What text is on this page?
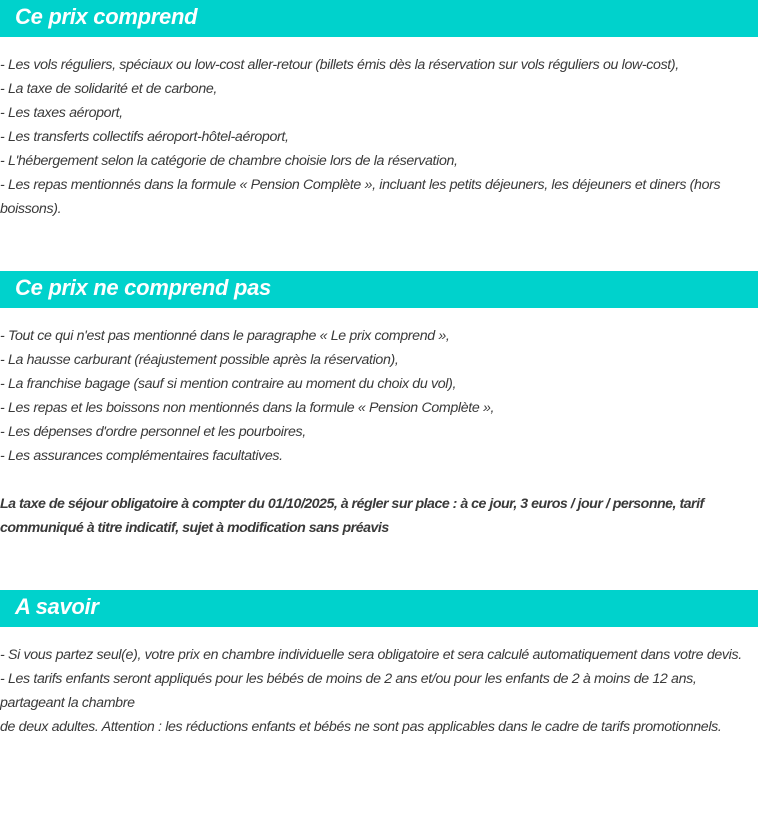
Ce prix comprend
- Les vols réguliers, spéciaux ou low-cost aller-retour (billets émis dès la réservation sur vols réguliers ou low-cost),
- La taxe de solidarité et de carbone,
- Les taxes aéroport,
- Les transferts collectifs aéroport-hôtel-aéroport,
- L'hébergement selon la catégorie de chambre choisie lors de la réservation,
- Les repas mentionnés dans la formule « Pension Complète », incluant les petits déjeuners, les déjeuners et diners (hors boissons).
Ce prix ne comprend pas
- Tout ce qui n'est pas mentionné dans le paragraphe « Le prix comprend »,
- La hausse carburant (réajustement possible après la réservation),
- La franchise bagage (sauf si mention contraire au moment du choix du vol),
- Les repas et les boissons non mentionnés dans la formule « Pension Complète »,
- Les dépenses d'ordre personnel et les pourboires,
- Les assurances complémentaires facultatives.
La taxe de séjour obligatoire à compter du 01/10/2025, à régler sur place : à ce jour, 3 euros / jour / personne, tarif communiqué à titre indicatif, sujet à modification sans préavis
A savoir
- Si vous partez seul(e), votre prix en chambre individuelle sera obligatoire et sera calculé automatiquement dans votre devis.
- Les tarifs enfants seront appliqués pour les bébés de moins de 2 ans et/ou pour les enfants de 2 à moins de 12 ans, partageant la chambre
de deux adultes. Attention : les réductions enfants et bébés ne sont pas applicables dans le cadre de tarifs promotionnels.
